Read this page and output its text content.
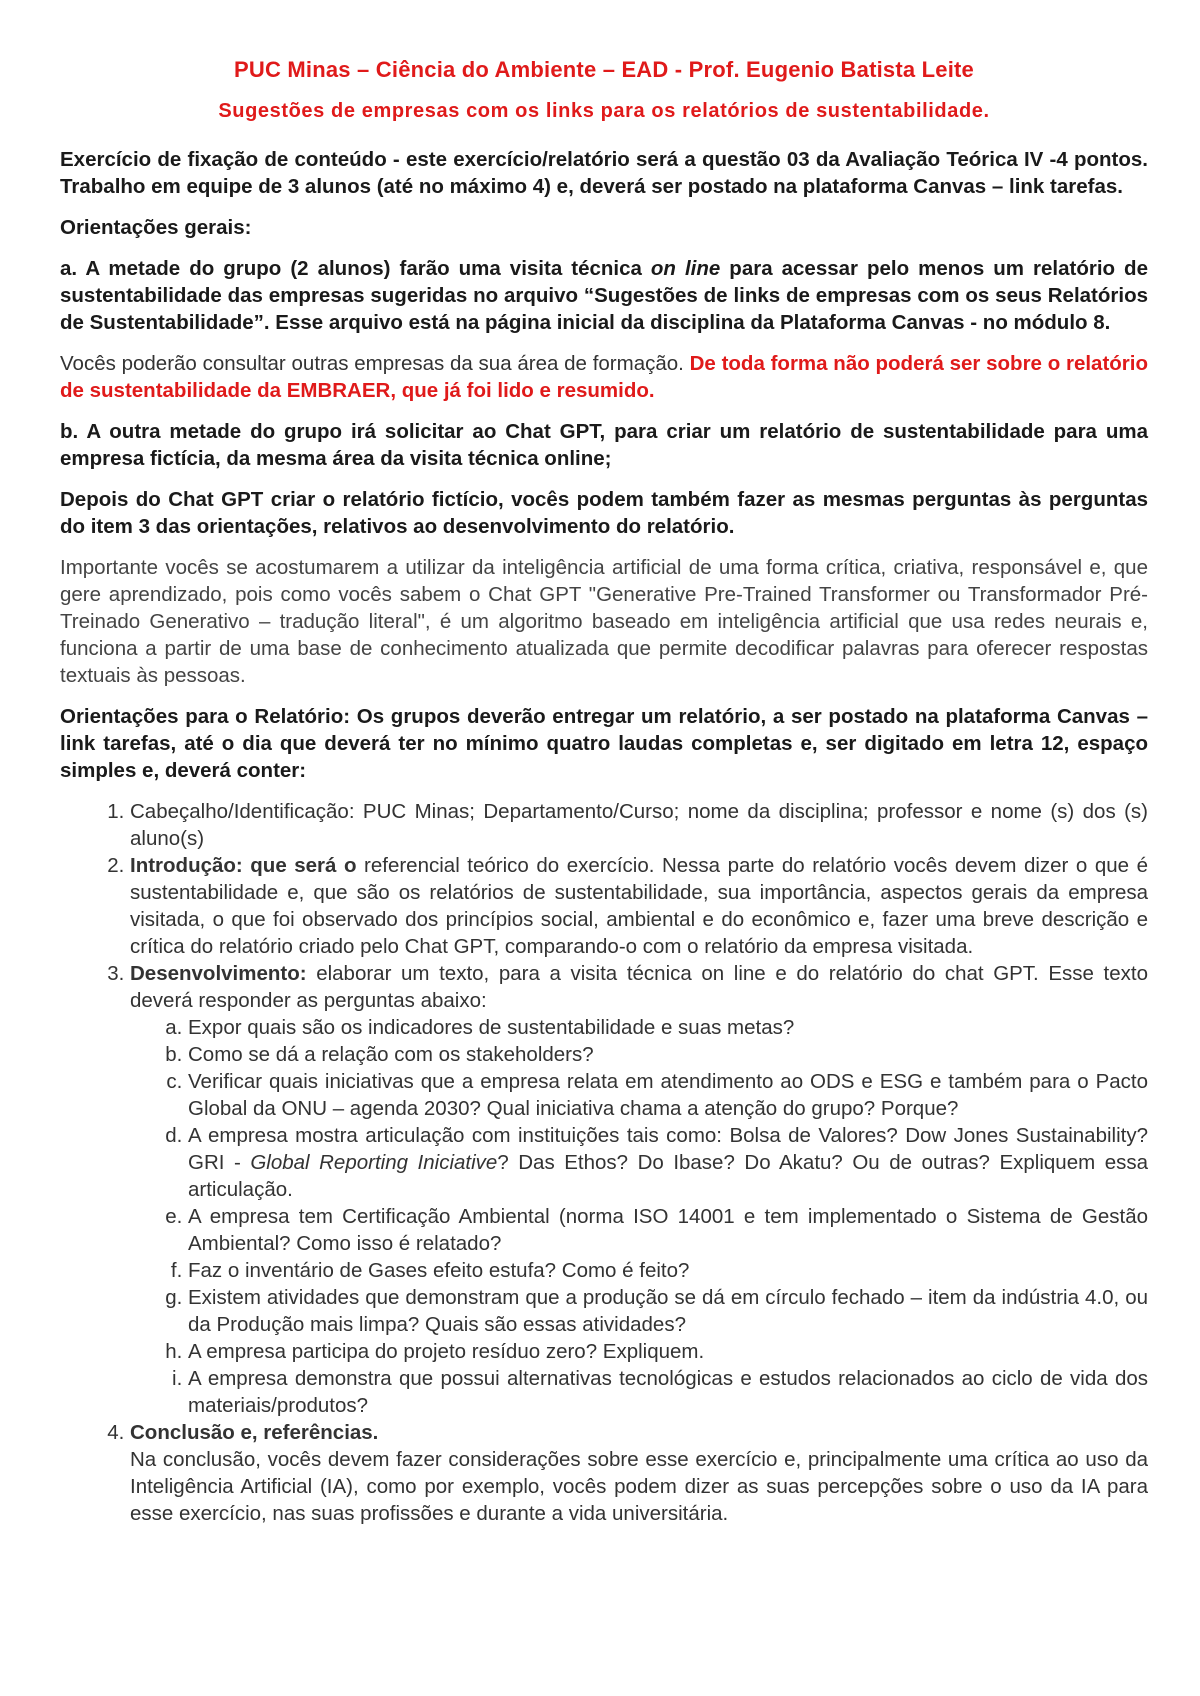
PUC Minas – Ciência do Ambiente – EAD - Prof. Eugenio Batista Leite
Sugestões de empresas com os links para os relatórios de sustentabilidade.

Exercício de fixação de conteúdo - este exercício/relatório será a questão 03 da Avaliação Teórica IV -4 pontos. Trabalho em equipe de 3 alunos (até no máximo 4) e, deverá ser postado na plataforma Canvas – link tarefas.

Orientações gerais:

a. A metade do grupo (2 alunos) farão uma visita técnica on line para acessar pelo menos um relatório de sustentabilidade das empresas sugeridas no arquivo “Sugestões de links de empresas com os seus Relatórios de Sustentabilidade”. Esse arquivo está na página inicial da disciplina da Plataforma Canvas - no módulo 8.

Vocês poderão consultar outras empresas da sua área de formação. De toda forma não poderá ser sobre o relatório de sustentabilidade da EMBRAER, que já foi lido e resumido.

b. A outra metade do grupo irá solicitar ao Chat GPT, para criar um relatório de sustentabilidade para uma empresa fictícia, da mesma área da visita técnica online;

Depois do Chat GPT criar o relatório fictício, vocês podem também fazer as mesmas perguntas às perguntas do item 3 das orientações, relativos ao desenvolvimento do relatório.

Importante vocês se acostumarem a utilizar da inteligência artificial de uma forma crítica, criativa, responsável e, que gere aprendizado, pois como vocês sabem o Chat GPT "Generative Pre-Trained Transformer ou Transformador Pré-Treinado Generativo – tradução literal", é um algoritmo baseado em inteligência artificial que usa redes neurais e, funciona a partir de uma base de conhecimento atualizada que permite decodificar palavras para oferecer respostas textuais às pessoas.

Orientações para o Relatório: Os grupos deverão entregar um relatório, a ser postado na plataforma Canvas – link tarefas, até o dia que deverá ter no mínimo quatro laudas completas e, ser digitado em letra 12, espaço simples e, deverá conter:

1. Cabeçalho/Identificação: PUC Minas; Departamento/Curso; nome da disciplina; professor e nome (s) dos (s) aluno(s)
2. Introdução: que será o referencial teórico do exercício. Nessa parte do relatório vocês devem dizer o que é sustentabilidade e, que são os relatórios de sustentabilidade, sua importância, aspectos gerais da empresa visitada, o que foi observado dos princípios social, ambiental e do econômico e, fazer uma breve descrição e crítica do relatório criado pelo Chat GPT, comparando-o com o relatório da empresa visitada.
3. Desenvolvimento: elaborar um texto, para a visita técnica on line e do relatório do chat GPT. Esse texto deverá responder as perguntas abaixo:
a. Expor quais são os indicadores de sustentabilidade e suas metas?
b. Como se dá a relação com os stakeholders?
c. Verificar quais iniciativas que a empresa relata em atendimento ao ODS e ESG e também para o Pacto Global da ONU – agenda 2030? Qual iniciativa chama a atenção do grupo? Porque?
d. A empresa mostra articulação com instituições tais como: Bolsa de Valores? Dow Jones Sustainability? GRI - Global Reporting Iniciative? Das Ethos? Do Ibase? Do Akatu? Ou de outras? Expliquem essa articulação.
e. A empresa tem Certificação Ambiental (norma ISO 14001 e tem implementado o Sistema de Gestão Ambiental? Como isso é relatado?
f. Faz o inventário de Gases efeito estufa? Como é feito?
g. Existem atividades que demonstram que a produção se dá em círculo fechado – item da indústria 4.0, ou da Produção mais limpa? Quais são essas atividades?
h. A empresa participa do projeto resíduo zero? Expliquem.
i. A empresa demonstra que possui alternativas tecnológicas e estudos relacionados ao ciclo de vida dos materiais/produtos?
4. Conclusão e, referências.
Na conclusão, vocês devem fazer considerações sobre esse exercício e, principalmente uma crítica ao uso da Inteligência Artificial (IA), como por exemplo, vocês podem dizer as suas percepções sobre o uso da IA para esse exercício, nas suas profissões e durante a vida universitária.
